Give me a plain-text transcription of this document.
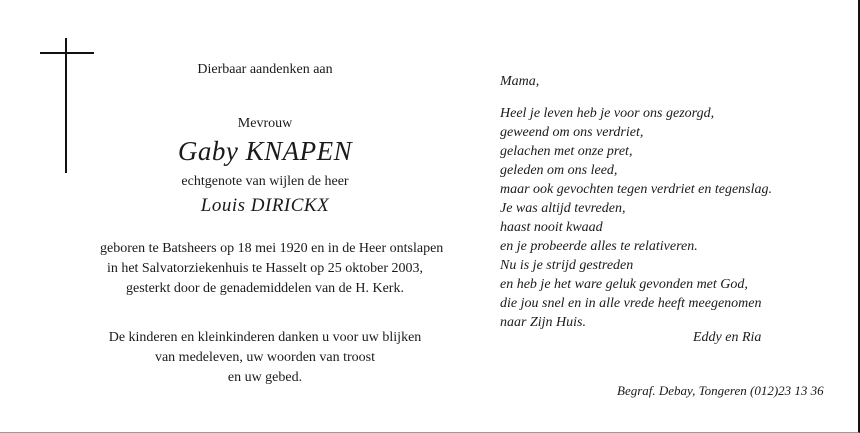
Dierbaar aandenken aan
Mevrouw
Gaby KNAPEN
echtgenote van wijlen de heer
Louis DIRICKX
geboren te Batsheers op 18 mei 1920 en in de Heer ontslapen
in het Salvatorziekenhuis te Hasselt op 25 oktober 2003,
gesterkt door de genademiddelen van de H. Kerk.
De kinderen en kleinkinderen danken u voor uw blijken
van medeleven, uw woorden van troost
en uw gebed.
Mama,
Heel je leven heb je voor ons gezorgd,
geweend om ons verdriet,
gelachen met onze pret,
geleden om ons leed,
maar ook gevochten tegen verdriet en tegenslag.
Je was altijd tevreden,
haast nooit kwaad
en je probeerde alles te relativeren.
Nu is je strijd gestreden
en heb je het ware geluk gevonden met God,
die jou snel en in alle vrede heeft meegenomen
naar Zijn Huis.
Eddy en Ria
Begraf. Debay, Tongeren (012)23 13 36
